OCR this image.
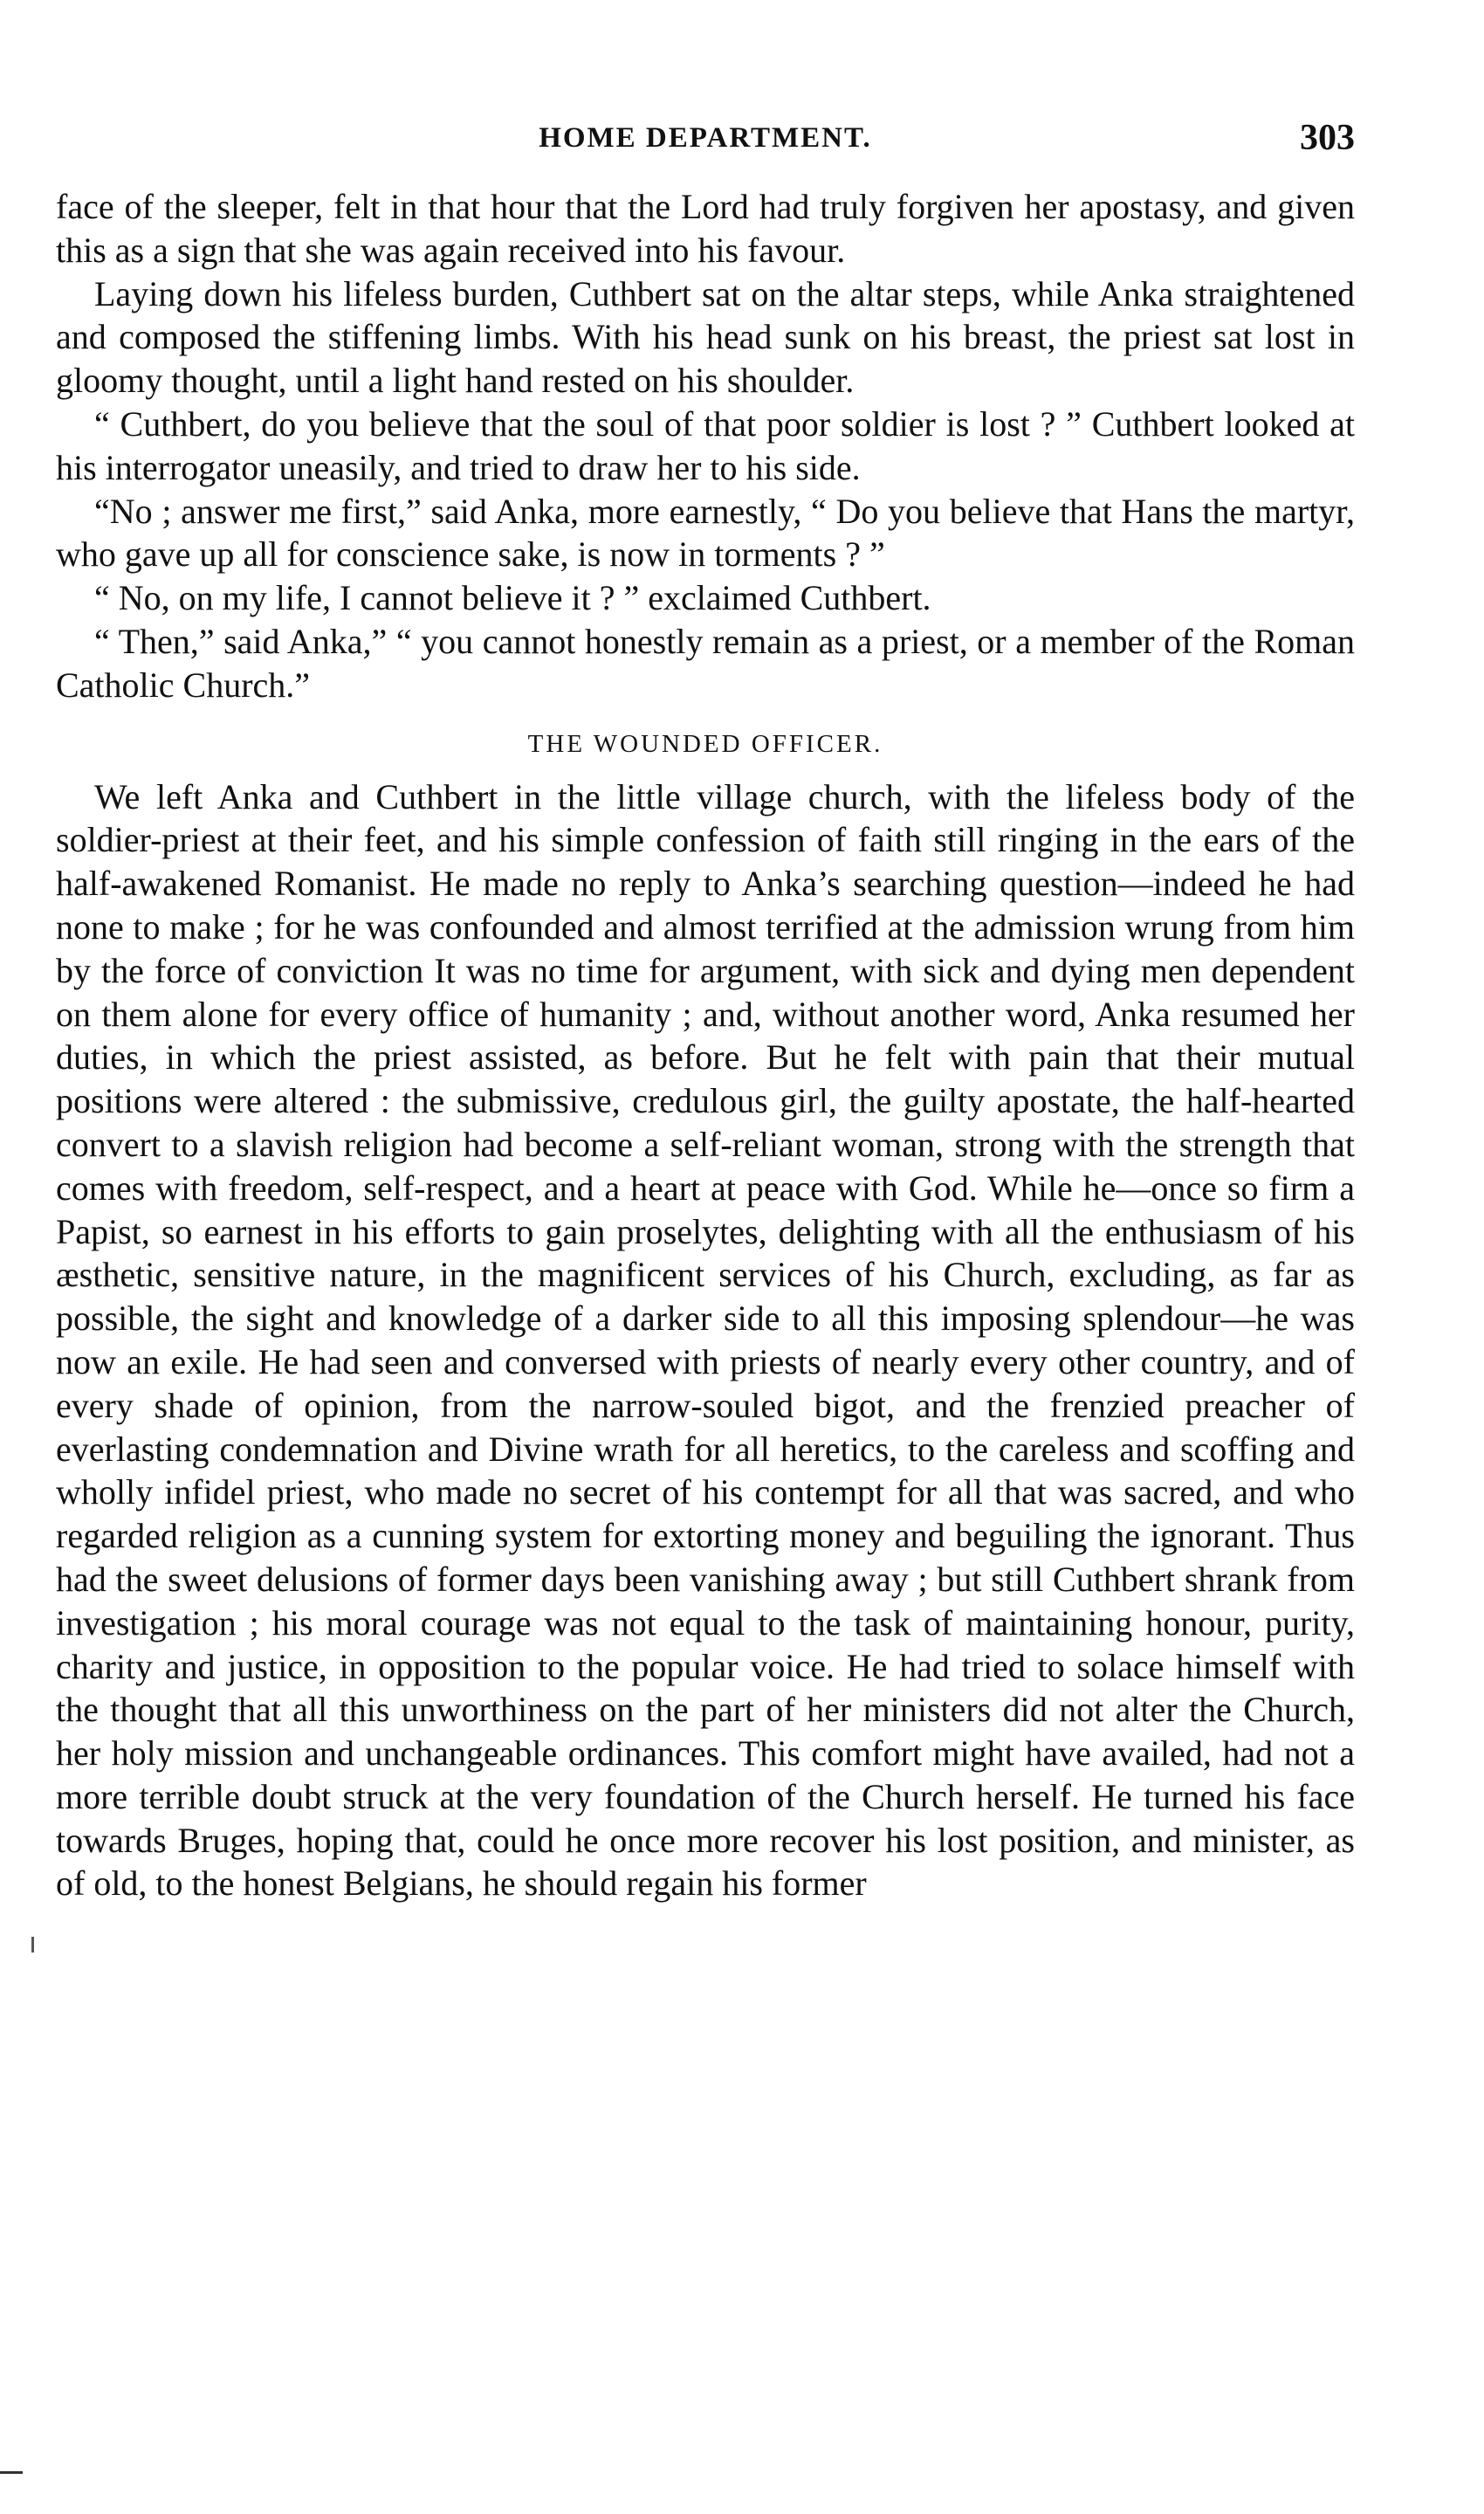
HOME DEPARTMENT.	303

face of the sleeper, felt in that hour that the Lord had truly forgiven her apostasy, and given this as a sign that she was again received into his favour.

Laying down his lifeless burden, Cuthbert sat on the altar steps, while Anka straightened and composed the stiffening limbs. With his head sunk on his breast, the priest sat lost in gloomy thought, until a light hand rested on his shoulder.

“ Cuthbert, do you believe that the soul of that poor soldier is lost ? ” Cuthbert looked at his interrogator uneasily, and tried to draw her to his side.

“No ; answer me first,” said Anka, more earnestly, “ Do you believe that Hans the martyr, who gave up all for conscience sake, is now in torments ? ”

“ No, on my life, I cannot believe it ? ” exclaimed Cuthbert.

“ Then,” said Anka,” “ you cannot honestly remain as a priest, or a member of the Roman Catholic Church.”

THE WOUNDED OFFICER.

We left Anka and Cuthbert in the little village church, with the lifeless body of the soldier-priest at their feet, and his simple confession of faith still ringing in the ears of the half-awakened Romanist. He made no reply to Anka’s searching question—indeed he had none to make ; for he was confounded and almost terrified at the admission wrung from him by the force of conviction It was no time for argument, with sick and dying men dependent on them alone for every office of humanity ; and, without another word, Anka resumed her duties, in which the priest assisted, as before. But he felt with pain that their mutual positions were altered : the submissive, credulous girl, the guilty apostate, the half-hearted convert to a slavish religion had become a self-reliant woman, strong with the strength that comes with freedom, self-respect, and a heart at peace with God. While he—once so firm a Papist, so earnest in his efforts to gain proselytes, delighting with all the enthusiasm of his æsthetic, sensitive nature, in the magnificent services of his Church, excluding, as far as possible, the sight and knowledge of a darker side to all this imposing splendour—he was now an exile. He had seen and conversed with priests of nearly every other country, and of every shade of opinion, from the narrow-souled bigot, and the frenzied preacher of everlasting condemnation and Divine wrath for all heretics, to the careless and scoffing and wholly infidel priest, who made no secret of his contempt for all that was sacred, and who regarded religion as a cunning system for extorting money and beguiling the ignorant. Thus had the sweet delusions of former days been vanishing away ; but still Cuthbert shrank from investigation ; his moral courage was not equal to the task of maintaining honour, purity, charity and justice, in opposition to the popular voice. He had tried to solace himself with the thought that all this unworthiness on the part of her ministers did not alter the Church, her holy mission and unchangeable ordinances. This comfort might have availed, had not a more terrible doubt struck at the very foundation of the Church herself. He turned his face towards Bruges, hoping that, could he once more recover his lost position, and minister, as of old, to the honest Belgians, he should regain his former
